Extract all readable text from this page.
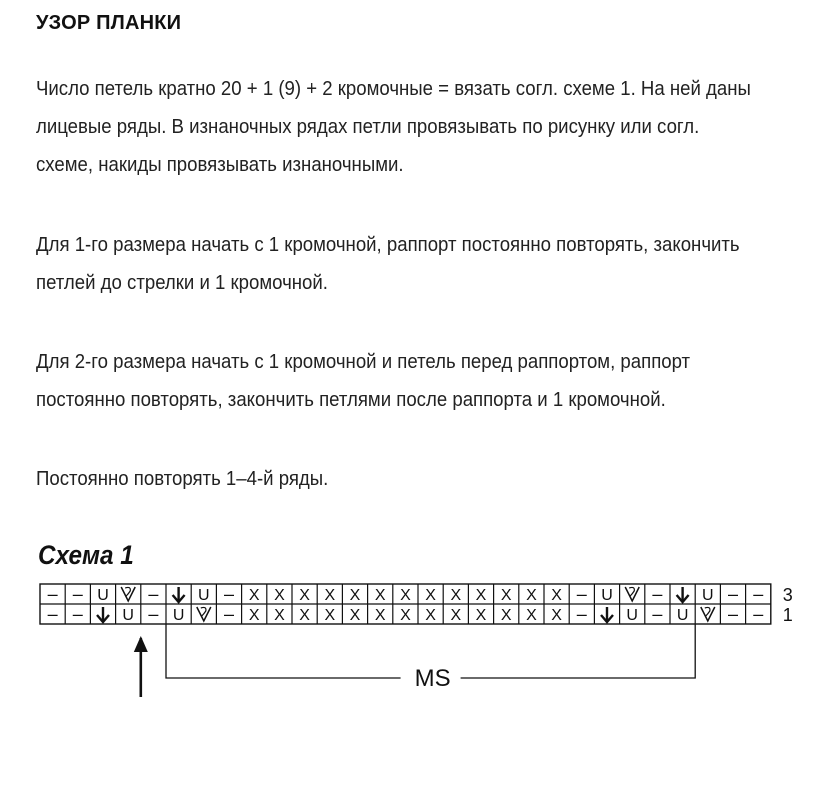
УЗОР ПЛАНКИ
Число петель кратно 20 + 1 (9) + 2 кромочные = вязать согл. схеме 1. На ней даны лицевые ряды. В изнаночных рядах петли провязывать по рисунку или согл. схеме, накиды провязывать изнаночными.
Для 1-го размера начать с 1 кромочной, раппорт постоянно повторять, закончить петлей до стрелки и 1 кромочной.
Для 2-го размера начать с 1 кромочной и петель перед раппортом, раппорт постоянно повторять, закончить петлями после раппорта и 1 кромочной.
Постоянно повторять 1–4-й ряды.
Схема 1
– – U – U – X X X X X X X X X X X X X – U – U – – 3
– – U – U – X X X X X X X X X X X X X – U – U – – 1
MS
